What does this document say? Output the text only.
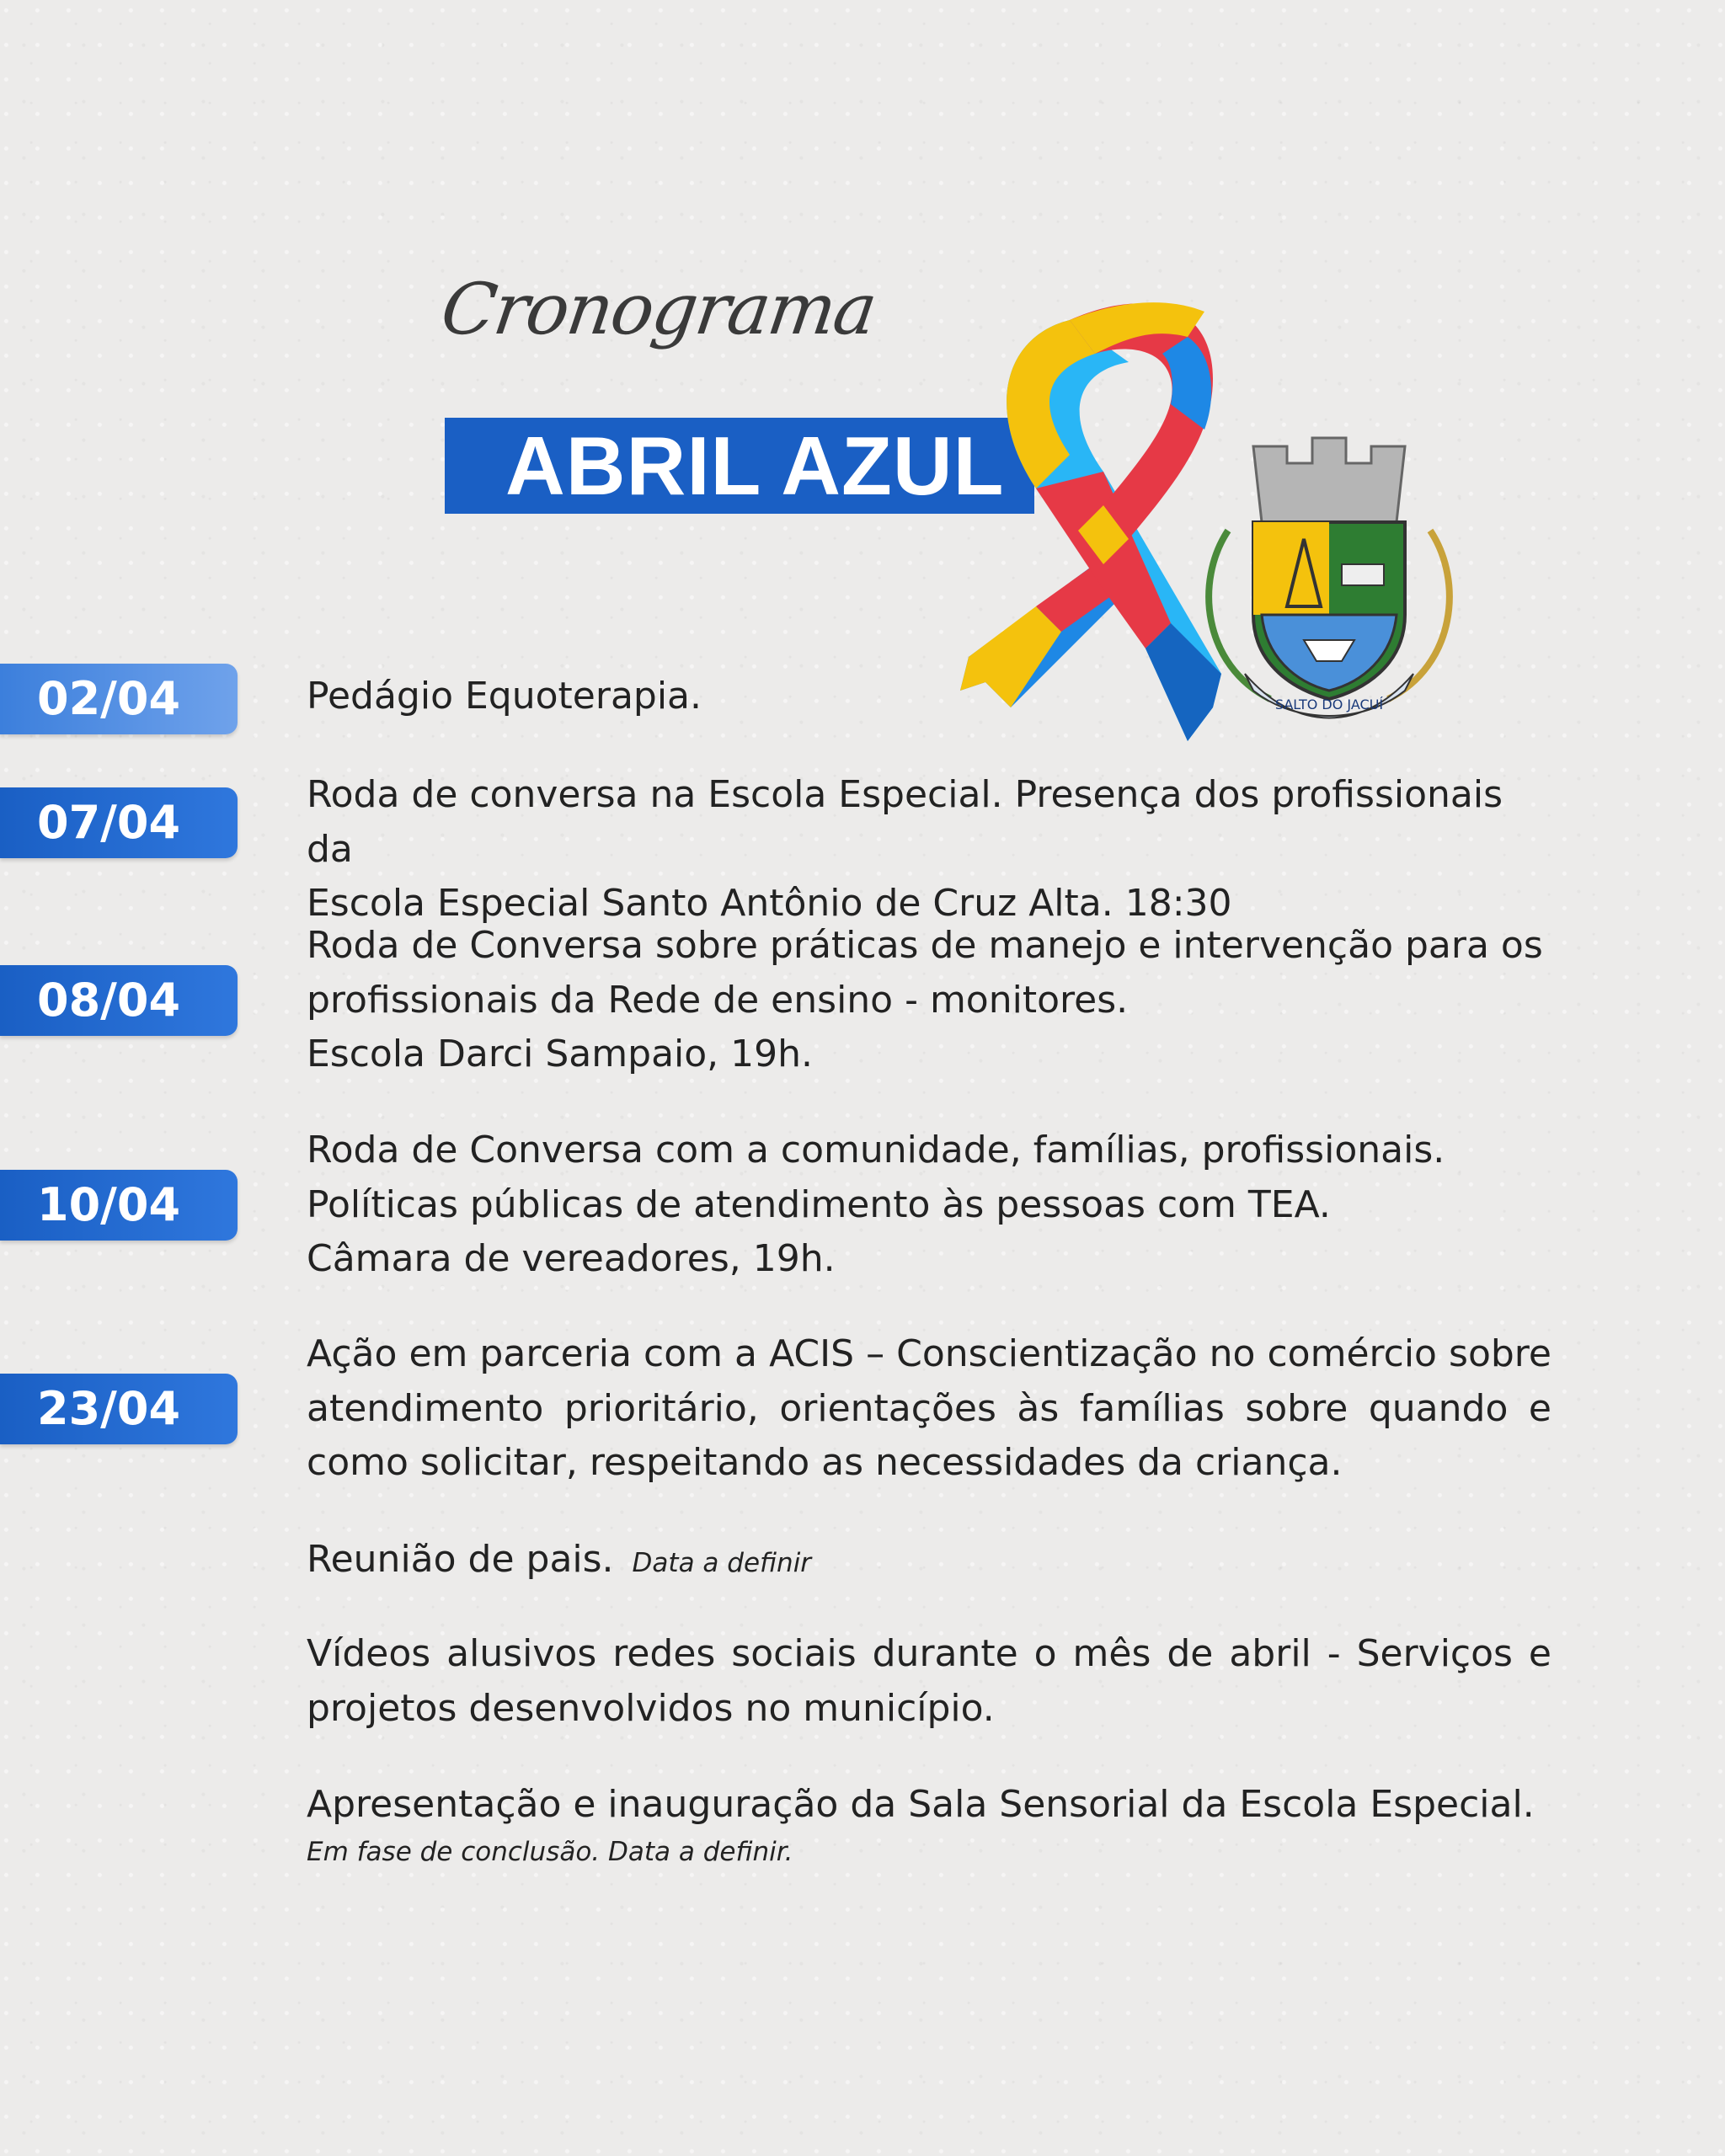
Cronograma
ABRIL AZUL
SALTO DO JACUÍ
02/04	Pedágio Equoterapia.
07/04
Roda de conversa na Escola Especial. Presença dos profissionais da
Escola Especial Santo Antônio de Cruz Alta. 18:30
08/04
Roda de Conversa sobre práticas de manejo e intervenção para os
profissionais da Rede de ensino - monitores.
Escola Darci Sampaio, 19h.
10/04
Roda de Conversa com a comunidade, famílias, profissionais.
Políticas públicas de atendimento às pessoas com TEA.
Câmara de vereadores, 19h.
23/04
Ação em parceria com a ACIS – Conscientização no comércio sobre atendimento prioritário, orientações às famílias sobre quando e como solicitar, respeitando as necessidades da criança.
Reunião de pais. Data a definir
Vídeos alusivos redes sociais durante o mês de abril - Serviços e projetos desenvolvidos no município.
Apresentação e inauguração da Sala Sensorial da Escola Especial.
Em fase de conclusão. Data a definir.
